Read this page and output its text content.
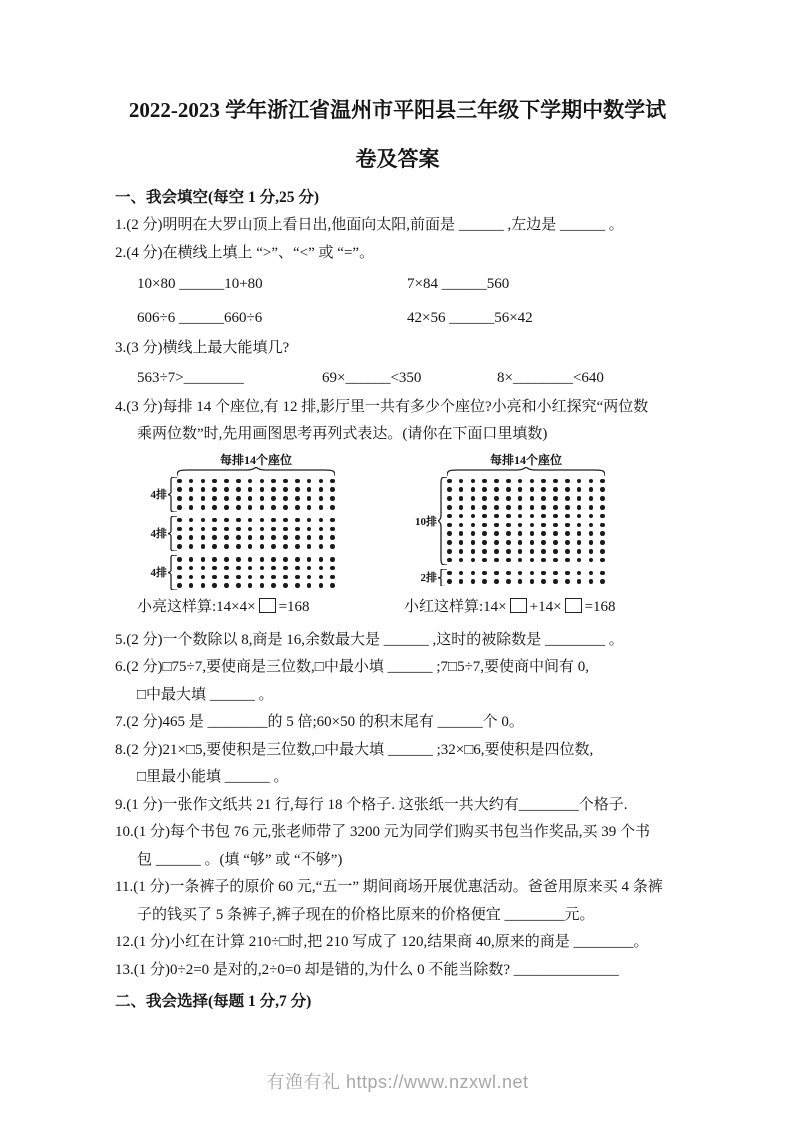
2022-2023 学年浙江省温州市平阳县三年级下学期中数学试
卷及答案
一、我会填空(每空 1 分,25 分)
1.(2 分)明明在大罗山顶上看日出,他面向太阳,前面是 ______ ,左边是 ______ 。
2.(4 分)在横线上填上 “>”、“<” 或 “=”。
10×80 ______10+80	7×84 ______560
606÷6 ______660÷6	42×56 ______56×42
3.(3 分)横线上最大能填几?
563÷7>________	69×______<350	8×________<640
4.(3 分)每排 14 个座位,有 12 排,影厅里一共有多少个座位?小亮和小红探究“两位数
乘两位数”时,先用画图思考再列式表达。(请你在下面口里填数)
每排14个座位
4排
4排
4排
每排14个座位
10排
2排
小亮这样算:14×4× =168	小红这样算:14× +14× =168
5.(2 分)一个数除以 8,商是 16,余数最大是 ______ ,这时的被除数是 ________ 。
6.(2 分)□75÷7,要使商是三位数,□中最小填 ______ ;7□5÷7,要使商中间有 0,
□中最大填 ______ 。
7.(2 分)465 是 ________的 5 倍;60×50 的积末尾有 ______个 0。
8.(2 分)21×□5,要使积是三位数,□中最大填 ______ ;32×□6,要使积是四位数,
□里最小能填 ______ 。
9.(1 分)一张作文纸共 21 行,每行 18 个格子. 这张纸一共大约有________个格子.
10.(1 分)每个书包 76 元,张老师带了 3200 元为同学们购买书包当作奖品,买 39 个书
包 ______ 。(填 “够” 或 “不够”)
11.(1 分)一条裤子的原价 60 元,“五一” 期间商场开展优惠活动。爸爸用原来买 4 条裤
子的钱买了 5 条裤子,裤子现在的价格比原来的价格便宜 ________元。
12.(1 分)小红在计算 210÷□时,把 210 写成了 120,结果商 40,原来的商是 ________。
13.(1 分)0÷2=0 是对的,2÷0=0 却是错的,为什么 0 不能当除数? ______________
二、我会选择(每题 1 分,7 分)
有渔有礼 https://www.nzxwl.net
